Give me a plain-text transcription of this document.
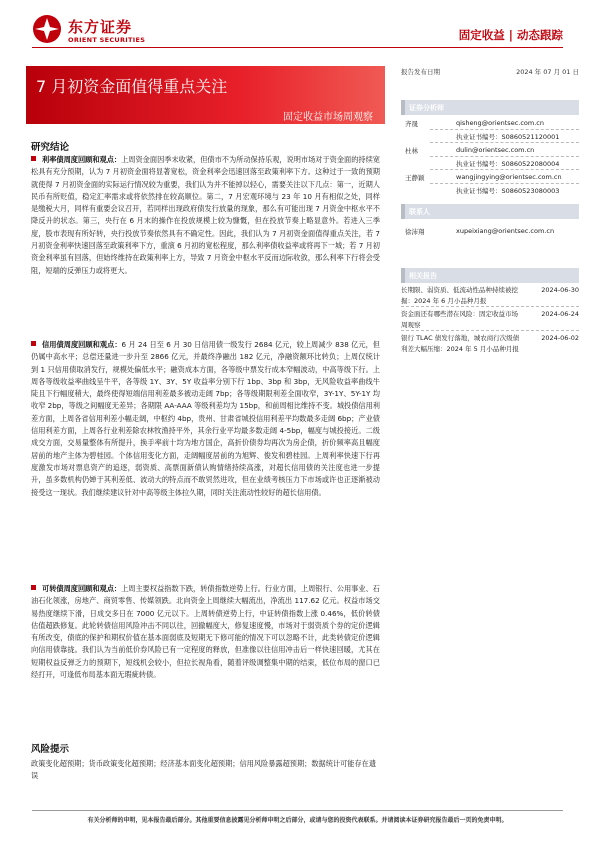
东方证券
ORIENT SECURITIES	固定收益 | 动态跟踪
7 月初资金面值得重点关注
固定收益市场周观察
报告发布日期	2024 年 07 月 01 日
证券分析师
齐晟	qisheng@orientsec.com.cn
执业证书编号：S0860521120001
杜林	dulin@orientsec.com.cn
执业证书编号：S0860522080004
王静颖	wangjingying@orientsec.com.cn
执业证书编号：S0860523080003
联系人
徐沛翔	xupeixiang@orientsec.com.cn
相关报告
长期限、弱资质、低流动性品种持续被挖
掘：2024 年 6 月小品种月报
2024-06-30
资金面还有哪些潜在风险：固定收益市场
周观察
2024-06-24
银行 TLAC 债发行落地，城农商行次级债
利差大幅压缩：2024 年 5 月小品种月报
2024-06-02
研究结论
利率债周度回顾和观点：上周资金面因季末收紧，但债市不为所动保持乐观，说明市场对于资金面的持续宽松具有充分预期，认为 7 月初资金面将显著宽松，资金利率会迅速回落至政策利率下方。这种过于一致的预期就使得 7 月初资金面的实际运行情况较为重要，我们认为并不能掉以轻心，需要关注以下几点：第一，近期人民币有所贬值，稳定汇率需求或将依然排在较高顺位。第二，7 月宏观环境与 23 年 10 月有相似之处，同样是缴税大月，同样有重要会议召开，若同样出现政府债发行放量的现象，那么有可能出现 7 月资金中枢水平不降反升的状态。第三，央行在 6 月末的操作在投放规模上较为慷慨，但在投放节奏上略显意外。若进入三季度，股市表现有所好转，央行投放节奏依然具有不确定性。因此，我们认为 7 月初资金面值得重点关注，若 7 月初资金利率快速回落至政策利率下方，重演 6 月初的宽松程度，那么利率债收益率或将再下一城；若 7 月初资金利率虽有回落，但始终维持在政策利率上方，导致 7 月资金中枢水平反而边际收敛，那么利率下行将会受阻，短端的反弹压力或将更大。
信用债周度回顾和观点：6 月 24 日至 6 月 30 日信用债一级发行 2684 亿元，较上周减少 838 亿元，但仍属中高水平；总偿还量进一步升至 2866 亿元，并最终净融出 182 亿元，净融资额环比转负；上周仅统计到 1 只信用债取消发行，规模处偏低水平；融资成本方面，各等级中票发行成本窄幅波动，中高等级下行。上周各等级收益率曲线呈牛平，各等级 1Y、3Y、5Y 收益率分别下行 1bp、3bp 和 3bp，无风险收益率曲线牛陡且下行幅度稍大，最终使得短端信用利差最多被动走阔 7bp；各等级期限利差全面收窄，3Y-1Y、5Y-1Y 均收窄 2bp，等级之间幅度无差异；各期限 AA-AAA 等级利差均为 15bp，和前周相比维持不变。城投债信用利差方面，上周各省信用利差小幅走阔，中枢约 4bp，贵州、甘肃省城投信用利差平均数最多走阔 6bp；产业债信用利差方面，上周各行业利差除农林牧渔持平外，其余行业平均最多数走阔 4-5bp，幅度与城投接近。二级成交方面，交易量整体有所提升，换手率前十均为地方国企，高折价债券均再次为房企债，折价频率高且幅度居前的地产主体为碧桂园。个体信用变化方面，走阔幅度居前的为旭辉、俊发和碧桂园。上周利率快速下行再度激发市场对票息资产的追逐，弱资质、高票面新债认购情绪持续高涨，对超长信用债的关注度也进一步提升，虽多数机构仍婵于其利差低、波动大的特点而不敢贸然进攻，但在业绩考核压力下市场或许也正逐渐被动接受这一现状。我们继续建议针对中高等级主体拉久期，同时关注流动性较好的超长信用债。
可转债周度回顾和观点：上周主要权益指数下跌，转债指数逆势上行。行业方面，上周银行、公用事业、石油石化领涨，房地产、商贸零售、传媒领跌。北向资金上周继续大幅流出，净流出 117.62 亿元。权益市场交易热度继续下滑，日成交多日在 7000 亿元以下。上周转债逆势上行，中证转债指数上涨 0.46%，低价转债估值超跌修复。此轮转债信用风险冲击不同以往，回撤幅度大，修复速度慢，市场对于弱资质个券的定价逻辑有所改变，债底的保护和期权价值在基本面弱底及短期无下修可能的情况下可以忽略不计，此类转债定价逻辑向信用债靠拢。我们认为当前低价券风险已有一定程度的释放，但准像以往信用冲击后一样快速回暖，尤其在短期权益反弹乏力的预期下，短线机会较小，但拉长视角看，随着评级调整集中期的结束，低位布局的窗口已经打开，可逢低布局基本面无瑕疵转债。
风险提示
政策变化超预期；货币政策变化超预期；经济基本面变化超预期；信用风险暴露超预期；数据统计可能存在遗误
有关分析师的申明，见本报告最后部分。其他重要信息披露见分析师申明之后部分，或请与您的投资代表联系。并请阅读本证券研究报告最后一页的免责申明。
